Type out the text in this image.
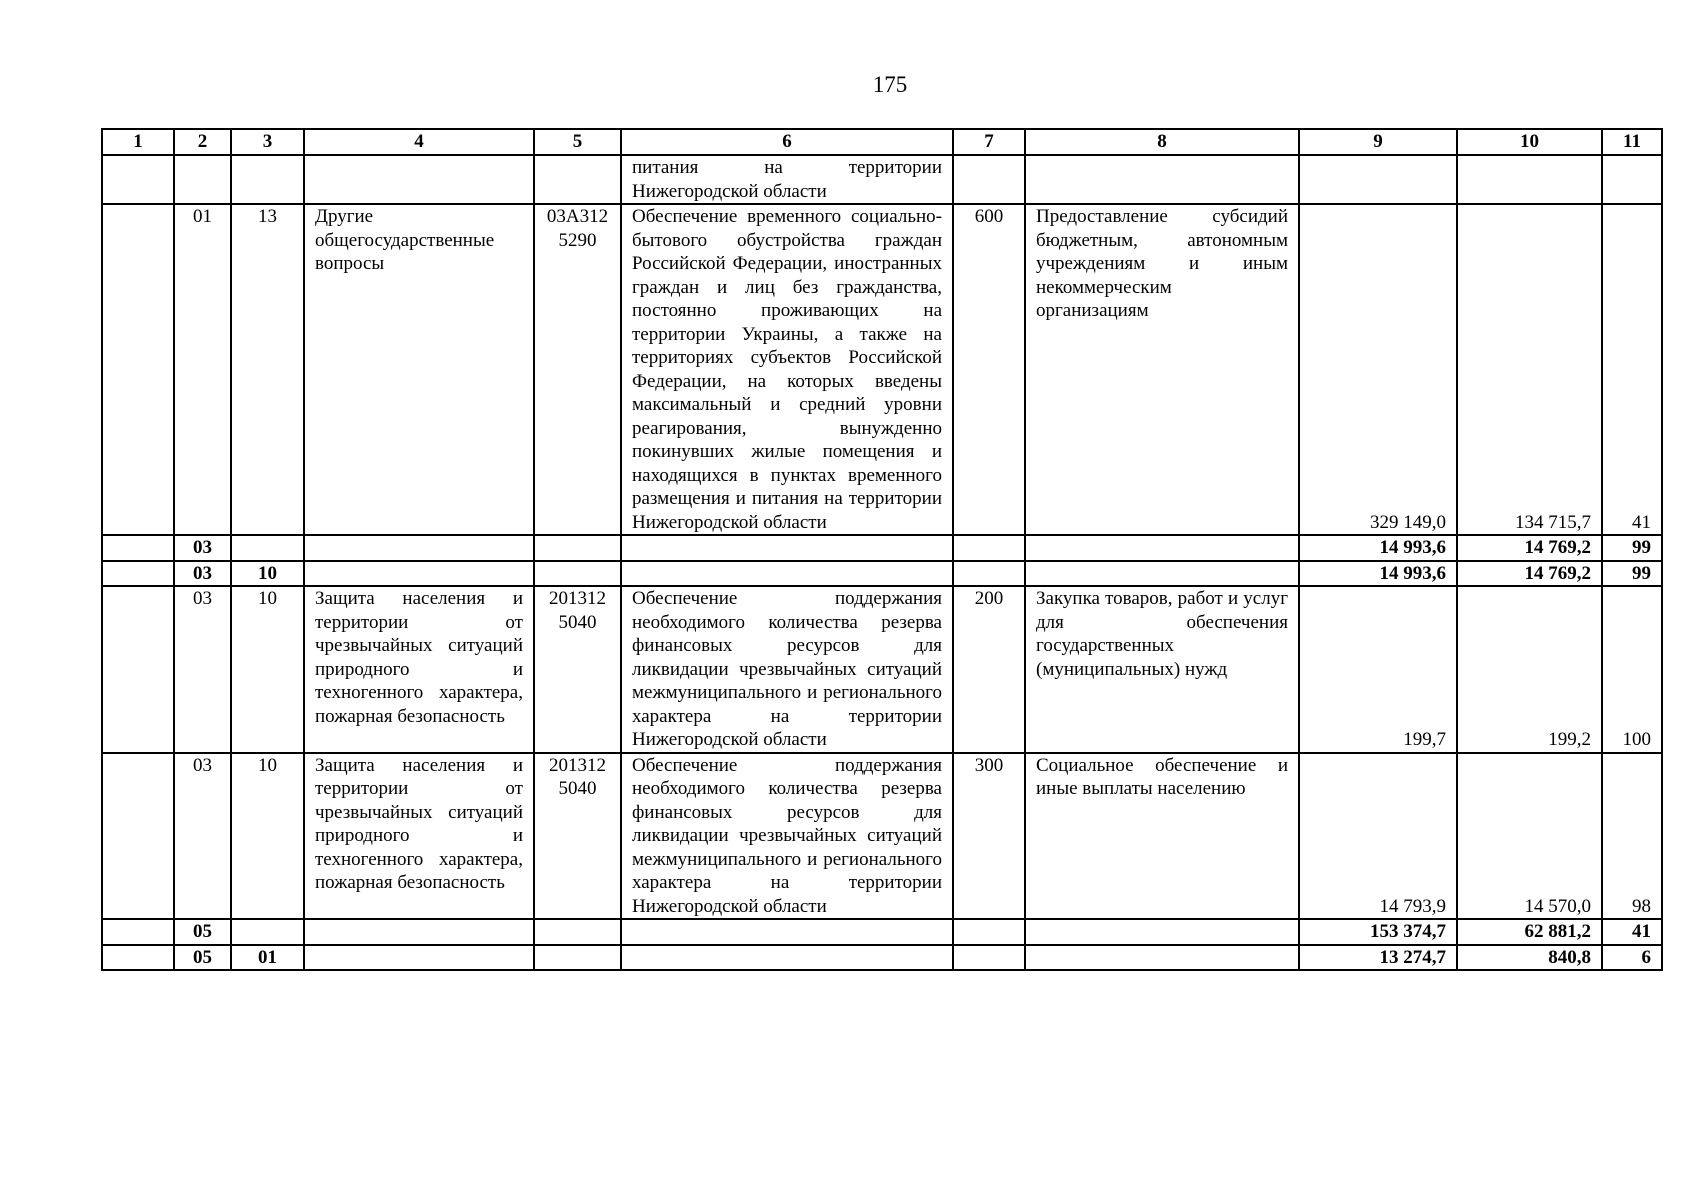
175
1	2	3	4	5	6	7	8	9	10	11
					питания на территории Нижегородской области					
	01	13	Другие общегосударственные вопросы	03А312 5290	Обеспечение временного социально-бытового обустройства граждан Российской Федерации, иностранных граждан и лиц без гражданства, постоянно проживающих на территории Украины, а также на территориях субъектов Российской Федерации, на которых введены максимальный и средний уровни реагирования, вынужденно покинувших жилые помещения и находящихся в пунктах временного размещения и питания на территории Нижегородской области	600	Предоставление субсидий бюджетным, автономным учреждениям и иным некоммерческим организациям	329 149,0	134 715,7	41
	03							14 993,6	14 769,2	99
	03	10						14 993,6	14 769,2	99
	03	10	Защита населения и территории от чрезвычайных ситуаций природного и техногенного характера, пожарная безопасность	201312 5040	Обеспечение поддержания необходимого количества резерва финансовых ресурсов для ликвидации чрезвычайных ситуаций межмуниципального и регионального характера на территории Нижегородской области	200	Закупка товаров, работ и услуг для обеспечения государственных (муниципальных) нужд	199,7	199,2	100
	03	10	Защита населения и территории от чрезвычайных ситуаций природного и техногенного характера, пожарная безопасность	201312 5040	Обеспечение поддержания необходимого количества резерва финансовых ресурсов для ликвидации чрезвычайных ситуаций межмуниципального и регионального характера на территории Нижегородской области	300	Социальное обеспечение и иные выплаты населению	14 793,9	14 570,0	98
	05							153 374,7	62 881,2	41
	05	01						13 274,7	840,8	6
